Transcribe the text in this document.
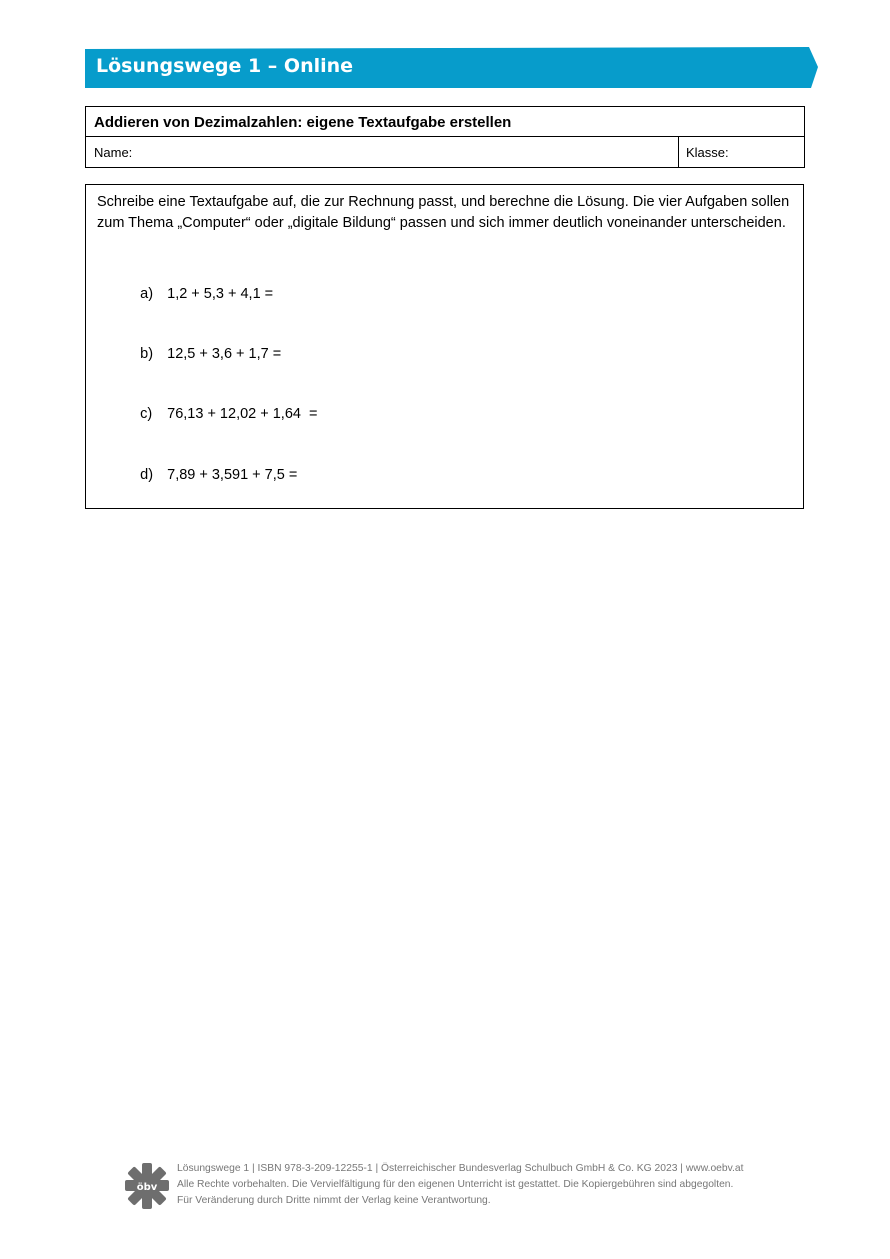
Lösungswege 1 – Online
Addieren von Dezimalzahlen: eigene Textaufgabe erstellen
Name:	Klasse:

Schreibe eine Textaufgabe auf, die zur Rechnung passt, und berechne die Lösung. Die vier Aufgaben sollen zum Thema „Computer“ oder „digitale Bildung“ passen und sich immer deutlich voneinander unterscheiden.

a) 1,2 + 5,3 + 4,1 =

b) 12,5 + 3,6 + 1,7 =

c) 76,13 + 12,02 + 1,64  =

d) 7,89 + 3,591 + 7,5 =

öbv
Lösungswege 1 | ISBN 978-3-209-12255-1 | Österreichischer Bundesverlag Schulbuch GmbH & Co. KG 2023 | www.oebv.at
Alle Rechte vorbehalten. Die Vervielfältigung für den eigenen Unterricht ist gestattet. Die Kopiergebühren sind abgegolten.
Für Veränderung durch Dritte nimmt der Verlag keine Verantwortung.
